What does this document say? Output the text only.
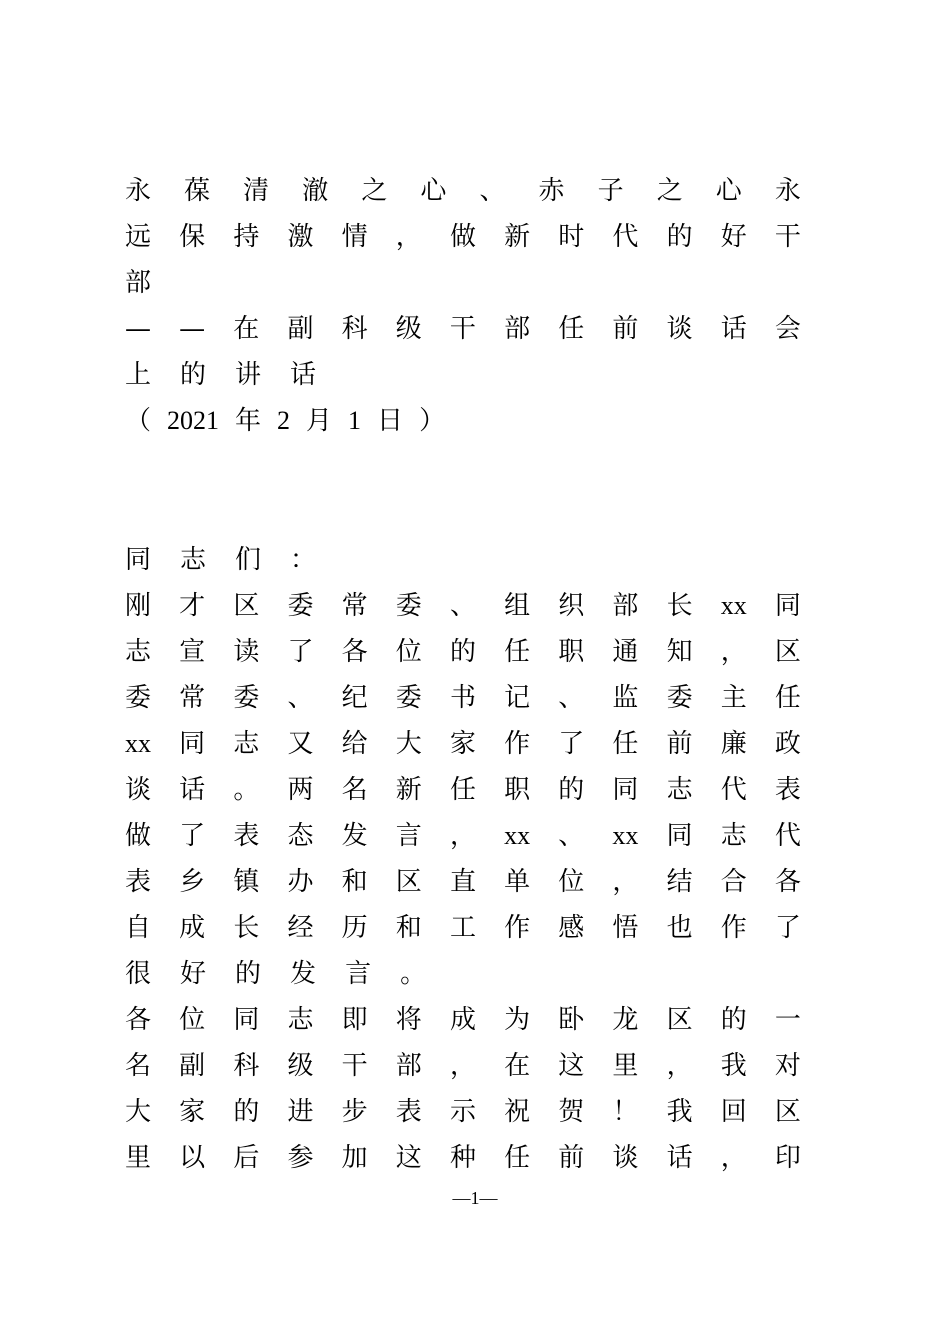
永 葆 清 澈 之 心 、 赤 子 之 心 永
远 保 持 激 情 ， 做 新 时 代 的 好 干
部
— — 在 副 科 级 干 部 任 前 谈 话 会
上 的 讲 话
（ 2021 年 2 月 1 日 ）
同 志 们 ：
刚 才 区 委 常 委 、 组 织 部 长 xx 同
志 宣 读 了 各 位 的 任 职 通 知 ， 区
委 常 委 、 纪 委 书 记 、 监 委 主 任
xx 同 志 又 给 大 家 作 了 任 前 廉 政
谈 话 。 两 名 新 任 职 的 同 志 代 表
做 了 表 态 发 言 ， xx 、 xx 同 志 代
表 乡 镇 办 和 区 直 单 位 ， 结 合 各
自 成 长 经 历 和 工 作 感 悟 也 作 了
很 好 的 发 言 。
各 位 同 志 即 将 成 为 卧 龙 区 的 一
名 副 科 级 干 部 ， 在 这 里 ， 我 对
大 家 的 进 步 表 示 祝 贺 ！ 我 回 区
里 以 后 参 加 这 种 任 前 谈 话 ， 印
—1—
